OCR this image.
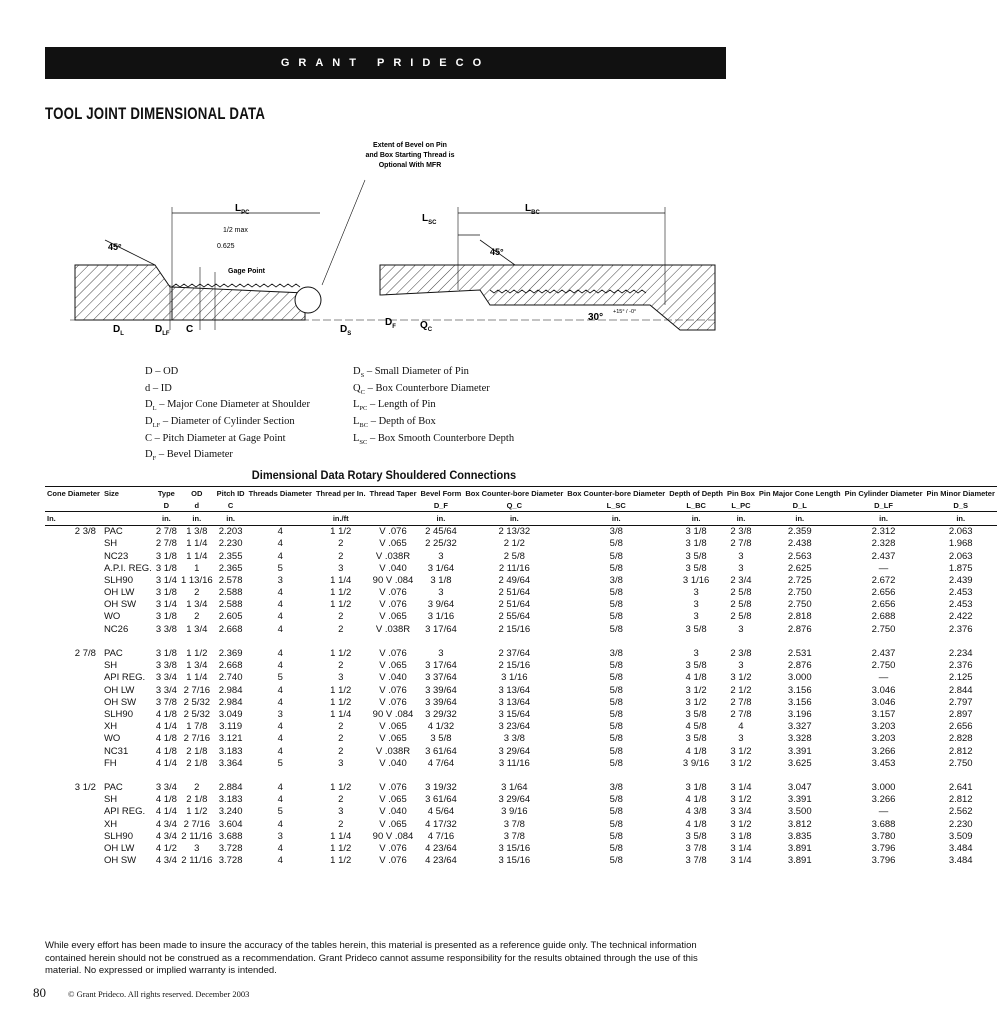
GRANT PRIDECO
TOOL JOINT DIMENSIONAL DATA
Extent of Bevel on Pin
and Box Starting Thread is
Optional With MFR
$L_{PC}$	$L_{BC}$
$L_{SC}$
1/2 max
0.625
Gage Point
45°	45°
30° +15° / -0°
$D_L$	$D_{LF}$ C	$D_S$
$D_F$ $Q_C$
D – OD
d – ID
$D_L$ – Major Cone Diameter at Shoulder
$D_{LF}$ – Diameter of Cylinder Section
C – Pitch Diameter at Gage Point
$D_F$ – Bevel Diameter
$D_S$ – Small Diameter of Pin
$Q_C$ – Box Counterbore Diameter
$L_{PC}$ – Length of Pin
$L_{BC}$ – Depth of Box
$L_{SC}$ – Box Smooth Counterbore Depth
Dimensional Data Rotary Shouldered Connections
Cone Diameter	Size	Type	OD	Pitch ID	Threads Diameter	Thread per In.	Thread Taper	Bevel Form	Box Counter-bore Diameter	Box Counter-bore Diameter	Depth of Depth	Pin Box	Pin Major Cone Length	Pin Cylinder Diameter	Pin Minor Diameter
		D	d	C				D_F	Q_C	L_SC	L_BC	L_PC	D_L	D_LF	D_S
In.		in.	in.	in.		in./ft		in.	in.	in.	in.	in.	in.	in.	in.
2 3/8	PAC	2 7/8	1 3/8	2.203	4	1 1/2	V .076	2 45/64	2 13/32	3/8	3 1/8	2 3/8	2.359	2.312	2.063
	SH	2 7/8	1 1/4	2.230	4	2	V .065	2 25/32	2 1/2	5/8	3 1/8	2 7/8	2.438	2.328	1.968
	NC23	3 1/8	1 1/4	2.355	4	2	V .038R	3	2 5/8	5/8	3 5/8	3	2.563	2.437	2.063
	A.P.I. REG.	3 1/8	1	2.365	5	3	V .040	3 1/64	2 11/16	5/8	3 5/8	3	2.625	—	1.875
	SLH90	3 1/4	1 13/16	2.578	3	1 1/4	90 V .084	3 1/8	2 49/64	3/8	3 1/16	2 3/4	2.725	2.672	2.439
	OH LW	3 1/8	2	2.588	4	1 1/2	V .076	3	2 51/64	5/8	3	2 5/8	2.750	2.656	2.453
	OH SW	3 1/4	1 3/4	2.588	4	1 1/2	V .076	3 9/64	2 51/64	5/8	3	2 5/8	2.750	2.656	2.453
	WO	3 1/8	2	2.605	4	2	V .065	3 1/16	2 55/64	5/8	3	2 5/8	2.818	2.688	2.422
	NC26	3 3/8	1 3/4	2.668	4	2	V .038R	3 17/64	2 15/16	5/8	3 5/8	3	2.876	2.750	2.376

2 7/8	PAC	3 1/8	1 1/2	2.369	4	1 1/2	V .076	3	2 37/64	3/8	3	2 3/8	2.531	2.437	2.234
	SH	3 3/8	1 3/4	2.668	4	2	V .065	3 17/64	2 15/16	5/8	3 5/8	3	2.876	2.750	2.376
	API REG.	3 3/4	1 1/4	2.740	5	3	V .040	3 37/64	3 1/16	5/8	4 1/8	3 1/2	3.000	—	2.125
	OH LW	3 3/4	2 7/16	2.984	4	1 1/2	V .076	3 39/64	3 13/64	5/8	3 1/2	2 1/2	3.156	3.046	2.844
	OH SW	3 7/8	2 5/32	2.984	4	1 1/2	V .076	3 39/64	3 13/64	5/8	3 1/2	2 7/8	3.156	3.046	2.797
	SLH90	4 1/8	2 5/32	3.049	3	1 1/4	90 V .084	3 29/32	3 15/64	5/8	3 5/8	2 7/8	3.196	3.157	2.897
	XH	4 1/4	1 7/8	3.119	4	2	V .065	4 1/32	3 23/64	5/8	4 5/8	4	3.327	3.203	2.656
	WO	4 1/8	2 7/16	3.121	4	2	V .065	3 5/8	3 3/8	5/8	3 5/8	3	3.328	3.203	2.828
	NC31	4 1/8	2 1/8	3.183	4	2	V .038R	3 61/64	3 29/64	5/8	4 1/8	3 1/2	3.391	3.266	2.812
	FH	4 1/4	2 1/8	3.364	5	3	V .040	4 7/64	3 11/16	5/8	3 9/16	3 1/2	3.625	3.453	2.750

3 1/2	PAC	3 3/4	2	2.884	4	1 1/2	V .076	3 19/32	3 1/64	3/8	3 1/8	3 1/4	3.047	3.000	2.641
	SH	4 1/8	2 1/8	3.183	4	2	V .065	3 61/64	3 29/64	5/8	4 1/8	3 1/2	3.391	3.266	2.812
	API REG.	4 1/4	1 1/2	3.240	5	3	V .040	4 5/64	3 9/16	5/8	4 3/8	3 3/4	3.500	—	2.562
	XH	4 3/4	2 7/16	3.604	4	2	V .065	4 17/32	3 7/8	5/8	4 1/8	3 1/2	3.812	3.688	2.230
	SLH90	4 3/4	2 11/16	3.688	3	1 1/4	90 V .084	4 7/16	3 7/8	5/8	3 5/8	3 1/8	3.835	3.780	3.509
	OH LW	4 1/2	3	3.728	4	1 1/2	V .076	4 23/64	3 15/16	5/8	3 7/8	3 1/4	3.891	3.796	3.484
	OH SW	4 3/4	2 11/16	3.728	4	1 1/2	V .076	4 23/64	3 15/16	5/8	3 7/8	3 1/4	3.891	3.796	3.484
While every effort has been made to insure the accuracy of the tables herein, this material is presented as a reference guide only. The technical information contained herein should not be construed as a recommendation. Grant Prideco cannot assume responsibility for the results obtained through the use of this material. No expressed or implied warranty is intended.
80	© Grant Prideco. All rights reserved. December 2003
